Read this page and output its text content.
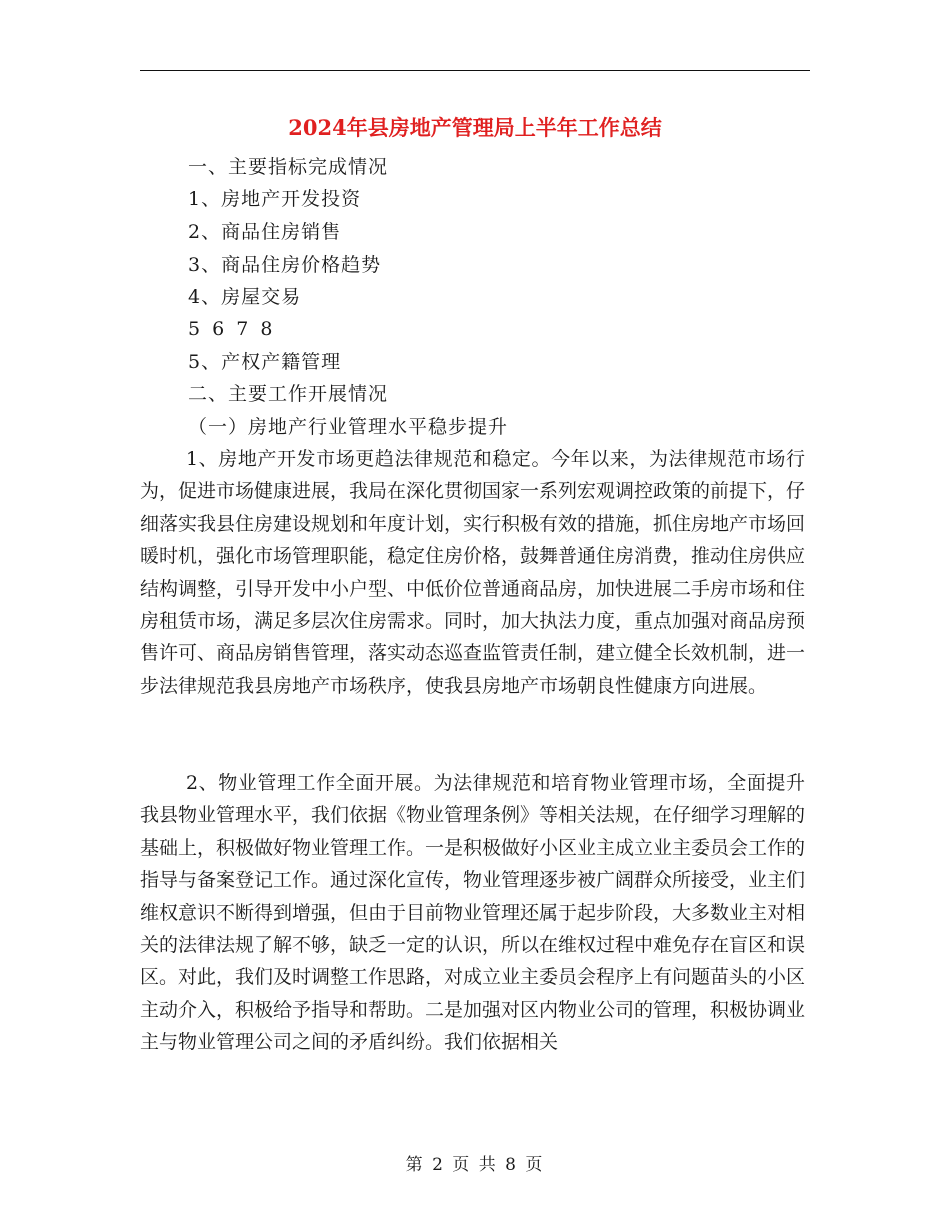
2024年县房地产管理局上半年工作总结
一、主要指标完成情况
1、房地产开发投资
2、商品住房销售
3、商品住房价格趋势
4、房屋交易
5 6 7 8
5、产权产籍管理
二、主要工作开展情况
（一）房地产行业管理水平稳步提升

1、房地产开发市场更趋法律规范和稳定。今年以来，为法律规范市场行为，促进市场健康进展，我局在深化贯彻国家一系列宏观调控政策的前提下，仔细落实我县住房建设规划和年度计划，实行积极有效的措施，抓住房地产市场回暖时机，强化市场管理职能，稳定住房价格，鼓舞普通住房消费，推动住房供应结构调整，引导开发中小户型、中低价位普通商品房，加快进展二手房市场和住房租赁市场，满足多层次住房需求。同时，加大执法力度，重点加强对商品房预售许可、商品房销售管理，落实动态巡查监管责任制，建立健全长效机制，进一步法律规范我县房地产市场秩序，使我县房地产市场朝良性健康方向进展。

2、物业管理工作全面开展。为法律规范和培育物业管理市场，全面提升我县物业管理水平，我们依据《物业管理条例》等相关法规，在仔细学习理解的基础上，积极做好物业管理工作。一是积极做好小区业主成立业主委员会工作的指导与备案登记工作。通过深化宣传，物业管理逐步被广阔群众所接受，业主们维权意识不断得到增强，但由于目前物业管理还属于起步阶段，大多数业主对相关的法律法规了解不够，缺乏一定的认识，所以在维权过程中难免存在盲区和误区。对此，我们及时调整工作思路，对成立业主委员会程序上有问题苗头的小区主动介入，积极给予指导和帮助。二是加强对区内物业公司的管理，积极协调业主与物业管理公司之间的矛盾纠纷。我们依据相关

第 2 页 共 8 页
